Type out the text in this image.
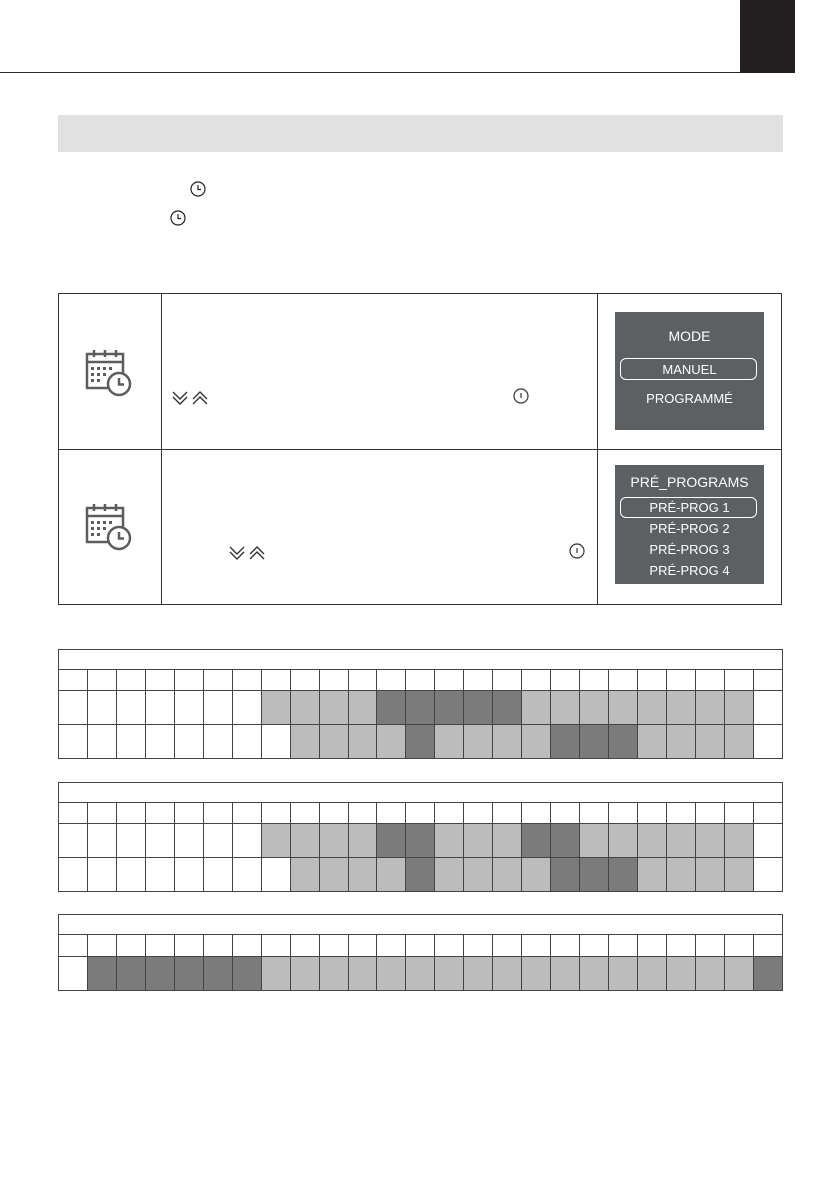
MODE
MANUEL
PROGRAMMÉ
PRÉ_PROGRAMS
PRÉ-PROG 1
PRÉ-PROG 2
PRÉ-PROG 3
PRÉ-PROG 4
